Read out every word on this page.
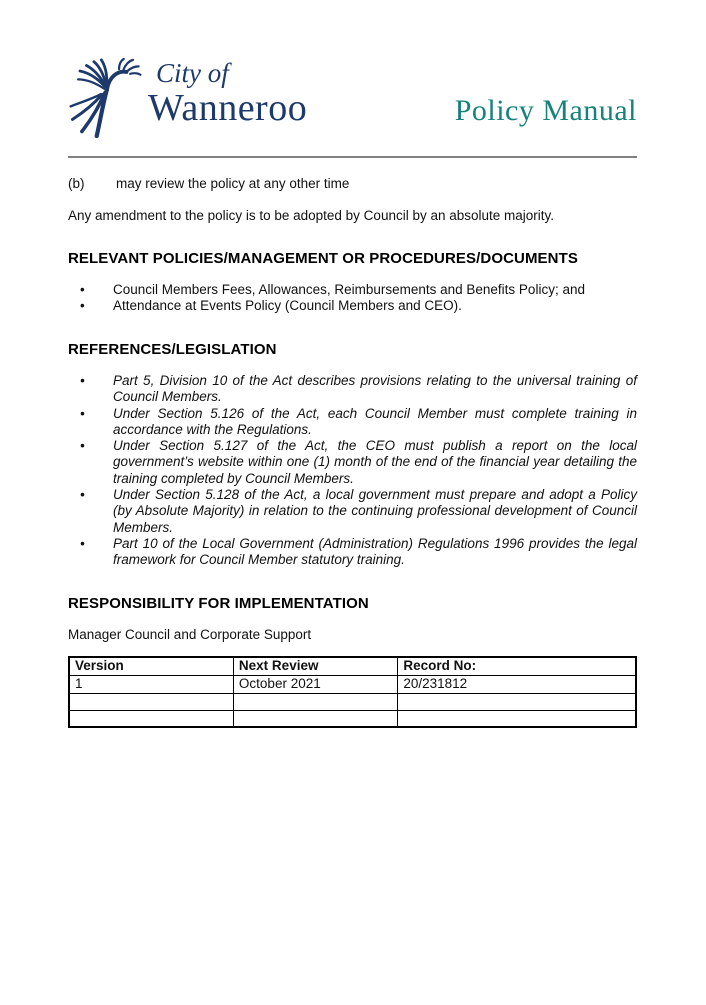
City of
Wanneroo	Policy Manual
(b)	may review the policy at any other time

Any amendment to the policy is to be adopted by Council by an absolute majority.

RELEVANT POLICIES/MANAGEMENT OR PROCEDURES/DOCUMENTS
• Council Members Fees, Allowances, Reimbursements and Benefits Policy; and
• Attendance at Events Policy (Council Members and CEO).
REFERENCES/LEGISLATION
• Part 5, Division 10 of the Act describes provisions relating to the universal training of Council Members.
• Under Section 5.126 of the Act, each Council Member must complete training in accordance with the Regulations.
• Under Section 5.127 of the Act, the CEO must publish a report on the local government’s website within one (1) month of the end of the financial year detailing the training completed by Council Members.
• Under Section 5.128 of the Act, a local government must prepare and adopt a Policy (by Absolute Majority) in relation to the continuing professional development of Council Members.
• Part 10 of the Local Government (Administration) Regulations 1996 provides the legal framework for Council Member statutory training.
RESPONSIBILITY FOR IMPLEMENTATION

Manager Council and Corporate Support

Version	Next Review	Record No:
1	October 2021	20/231812
